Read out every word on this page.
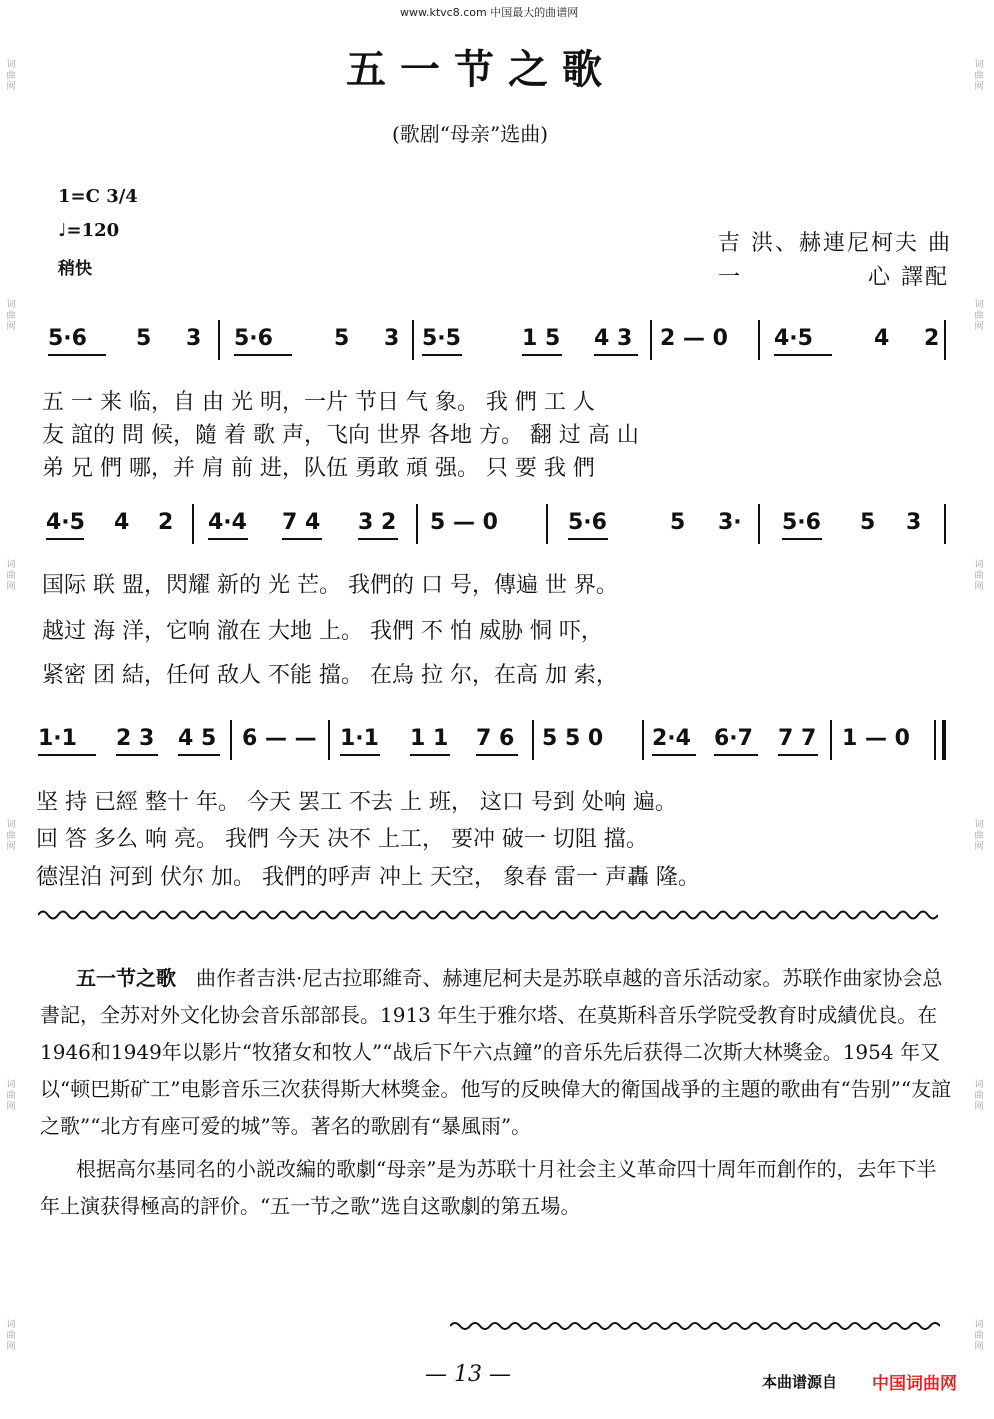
www.ktvc8.com 中国最大的曲谱网
词
曲
网
词
曲
网
词
曲
网
词
曲
网
词
曲
网
词
曲
网
词
曲
网
词
曲
网
词
曲
网
词
曲
网
词
曲
网
词
曲
网
五一节之歌
(歌剧“母亲”选曲)
1=C 3/4
♩=120
稍快
吉 洪、赫連尼柯夫 曲
一	心 譯配
5·6 5 3 5·6	5 3 5·5	1 5 4 3 2 — 0 4·5	4 2
五 一 来 临，自 由 光 明，一片 节日 气 象。 我 們 工 人
友 誼的 問 候，隨 着 歌 声，飞向 世界 各地 方。 翻 过 高 山
弟 兄 們 哪，并 肩 前 进，队伍 勇敢 頑 强。 只 要 我 們
4·5 4 2 4·4 7 4 3 2 5 — 0	5·6	5 3· 5·6 5 3
国际 联 盟，閃耀 新的 光 芒。 我們的 口 号，傳遍 世 界。
越过 海 洋，它响 澈在 大地 上。 我們 不 怕 威胁 恫 吓，
紧密 团 結，任何 敌人 不能 擋。 在烏 拉 尔，在高 加 索，
1·1 2 3 4 5 6 — — 1·1 1 1 7 6 5 5 0 2·4 6·7 7 7 1 — 0
坚 持 已經 整十 年。 今天 罢工 不去 上 班， 这口 号到 处响 遍。
回 答 多么 响 亮。 我們 今天 决不 上工， 要冲 破一 切阻 擋。
德涅泊 河到 伏尔 加。 我們的呼声 冲上 天空， 象春 雷一 声轟 隆。

五一节之歌　 曲作者吉洪·尼古拉耶維奇、赫連尼柯夫是苏联卓越的音乐活动家。苏联作曲家协会总書記，全苏对外文化协会音乐部部長。1913 年生于雅尔塔、在莫斯科音乐学院受教育时成績优良。在1946和1949年以影片“牧猪女和牧人”“战后下午六点鐘”的音乐先后获得二次斯大林獎金。1954 年又以“顿巴斯矿工”电影音乐三次获得斯大林獎金。他写的反映偉大的衛国战爭的主題的歌曲有“告别”“友誼之歌”“北方有座可爱的城”等。著名的歌剧有“暴風雨”。

根据高尔基同名的小説改編的歌劇“母亲”是为苏联十月社会主义革命四十周年而創作的，去年下半年上演获得極高的評价。“五一节之歌”选自这歌劇的第五場。

— 13 —	本曲谱源自 中国词曲网
